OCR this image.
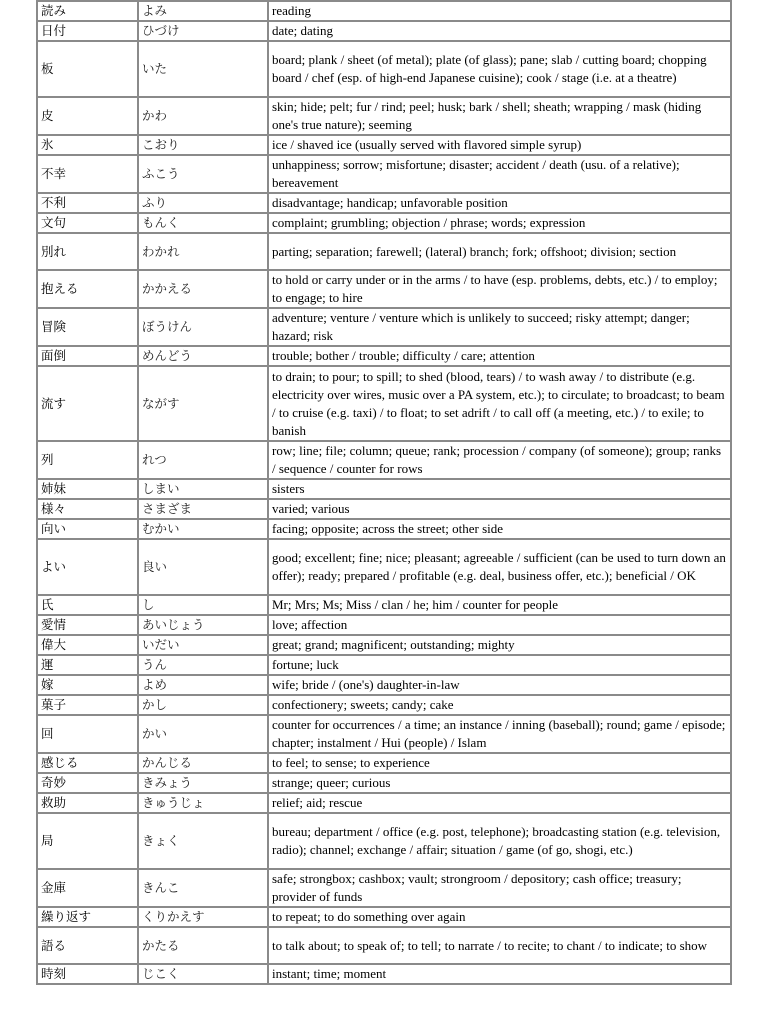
読み	よみ	reading
日付	ひづけ	date; dating
板	いた	board; plank / sheet (of metal); plate (of glass); pane; slab / cutting board; chopping board / chef (esp. of high-end Japanese cuisine); cook / stage (i.e. at a theatre)
皮	かわ	skin; hide; pelt; fur / rind; peel; husk; bark / shell; sheath; wrapping / mask (hiding one's true nature); seeming
氷	こおり	ice / shaved ice (usually served with flavored simple syrup)
不幸	ふこう	unhappiness; sorrow; misfortune; disaster; accident / death (usu. of a relative); bereavement
不利	ふり	disadvantage; handicap; unfavorable position
文句	もんく	complaint; grumbling; objection / phrase; words; expression
別れ	わかれ	parting; separation; farewell; (lateral) branch; fork; offshoot; division; section
抱える	かかえる	to hold or carry under or in the arms / to have (esp. problems, debts, etc.) / to employ; to engage; to hire
冒険	ぼうけん	adventure; venture / venture which is unlikely to succeed; risky attempt; danger; hazard; risk
面倒	めんどう	trouble; bother / trouble; difficulty / care; attention
流す	ながす	to drain; to pour; to spill; to shed (blood, tears) / to wash away / to distribute (e.g. electricity over wires, music over a PA system, etc.); to circulate; to broadcast; to beam / to cruise (e.g. taxi) / to float; to set adrift / to call off (a meeting, etc.) / to exile; to banish
列	れつ	row; line; file; column; queue; rank; procession / company (of someone); group; ranks / sequence / counter for rows
姉妹	しまい	sisters
様々	さまざま	varied; various
向い	むかい	facing; opposite; across the street; other side
よい	良い	good; excellent; fine; nice; pleasant; agreeable / sufficient (can be used to turn down an offer); ready; prepared / profitable (e.g. deal, business offer, etc.); beneficial / OK
氏	し	Mr; Mrs; Ms; Miss / clan / he; him / counter for people
愛情	あいじょう	love; affection
偉大	いだい	great; grand; magnificent; outstanding; mighty
運	うん	fortune; luck
嫁	よめ	wife; bride / (one's) daughter-in-law
菓子	かし	confectionery; sweets; candy; cake
回	かい	counter for occurrences / a time; an instance / inning (baseball); round; game / episode; chapter; instalment / Hui (people) / Islam
感じる	かんじる	to feel; to sense; to experience
奇妙	きみょう	strange; queer; curious
救助	きゅうじょ	relief; aid; rescue
局	きょく	bureau; department / office (e.g. post, telephone); broadcasting station (e.g. television, radio); channel; exchange / affair; situation / game (of go, shogi, etc.)
金庫	きんこ	safe; strongbox; cashbox; vault; strongroom / depository; cash office; treasury; provider of funds
繰り返す	くりかえす	to repeat; to do something over again
語る	かたる	to talk about; to speak of; to tell; to narrate / to recite; to chant / to indicate; to show
時刻	じこく	instant; time; moment
